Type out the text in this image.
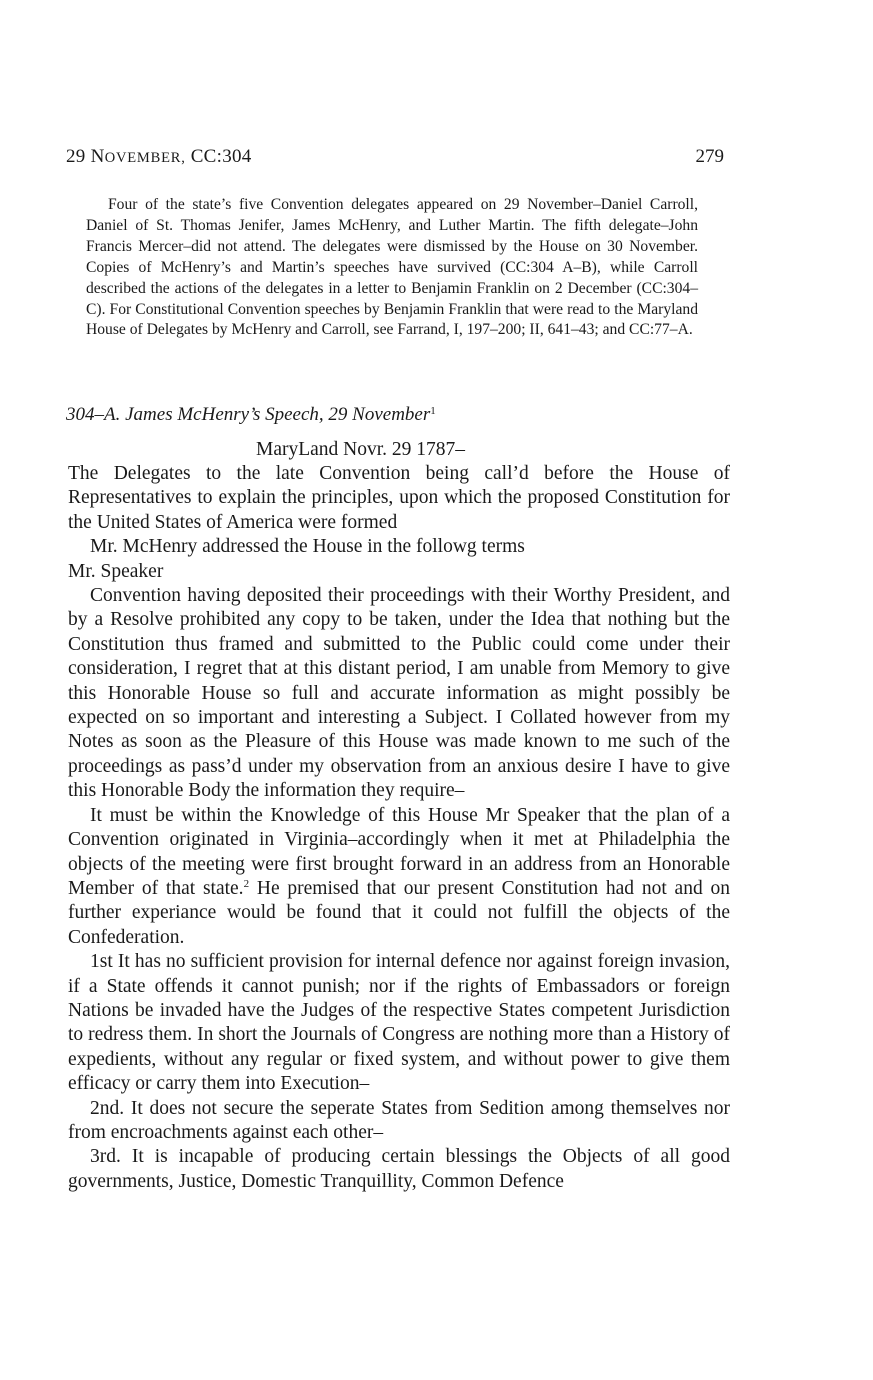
29 NOVEMBER, CC:304	279

Four of the state’s five Convention delegates appeared on 29 November–Daniel Carroll, Daniel of St. Thomas Jenifer, James McHenry, and Luther Martin. The fifth delegate–John Francis Mercer–did not attend. The delegates were dismissed by the House on 30 November. Copies of McHenry’s and Martin’s speeches have survived (CC:304 A–B), while Carroll described the actions of the delegates in a letter to Benjamin Franklin on 2 December (CC:304–C). For Constitutional Convention speeches by Benjamin Franklin that were read to the Maryland House of Delegates by McHenry and Carroll, see Farrand, I, 197–200; II, 641–43; and CC:77–A.

304–A. James McHenry’s Speech, 29 November$^1$

MaryLand Novr. 29 1787–

The Delegates to the late Convention being call’d before the House of Representatives to explain the principles, upon which the proposed Constitution for the United States of America were formed

Mr. McHenry addressed the House in the followg terms

Mr. Speaker

Convention having deposited their proceedings with their Worthy President, and by a Resolve prohibited any copy to be taken, under the Idea that nothing but the Constitution thus framed and submitted to the Public could come under their consideration, I regret that at this distant period, I am unable from Memory to give this Honorable House so full and accurate information as might possibly be expected on so important and interesting a Subject. I Collated however from my Notes as soon as the Pleasure of this House was made known to me such of the proceedings as pass’d under my observation from an anxious desire I have to give this Honorable Body the information they require–

It must be within the Knowledge of this House Mr Speaker that the plan of a Convention originated in Virginia–accordingly when it met at Philadelphia the objects of the meeting were first brought forward in an address from an Honorable Member of that state.$^2$ He premised that our present Constitution had not and on further experiance would be found that it could not fulfill the objects of the Confederation.

1st It has no sufficient provision for internal defence nor against foreign invasion, if a State offends it cannot punish; nor if the rights of Embassadors or foreign Nations be invaded have the Judges of the respective States competent Jurisdiction to redress them. In short the Journals of Congress are nothing more than a History of expedients, without any regular or fixed system, and without power to give them efficacy or carry them into Execution–

2nd. It does not secure the seperate States from Sedition among themselves nor from encroachments against each other–

3rd. It is incapable of producing certain blessings the Objects of all good governments, Justice, Domestic Tranquillity, Common Defence
